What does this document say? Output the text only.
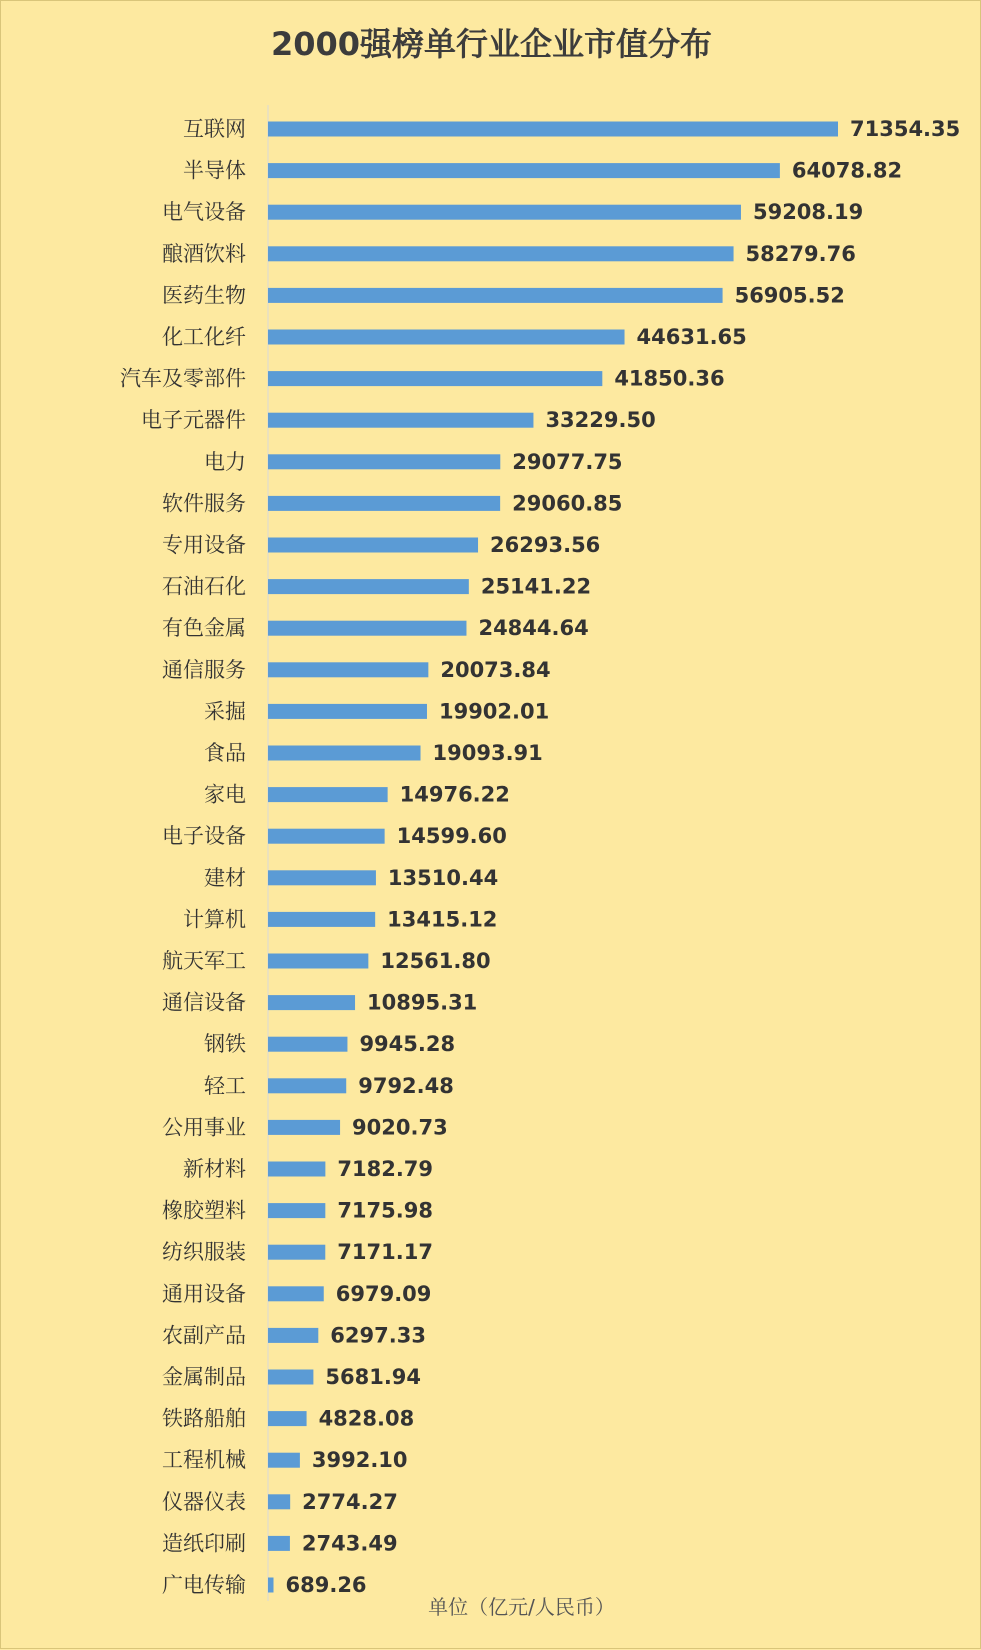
2000强榜单行业企业市值分布
互联网	71354.35
半导体	64078.82
电气设备	59208.19
酿酒饮料	58279.76
医药生物	56905.52
化工化纤	44631.65
汽车及零部件	41850.36
电子元器件	33229.50
电力	29077.75
软件服务	29060.85
专用设备	26293.56
石油石化	25141.22
有色金属	24844.64
通信服务	20073.84
采掘	19902.01
食品	19093.91
家电	14976.22
电子设备	14599.60
建材	13510.44
计算机	13415.12
航天军工	12561.80
通信设备	10895.31
钢铁	9945.28
轻工	9792.48
公用事业	9020.73
新材料	7182.79
橡胶塑料	7175.98
纺织服装	7171.17
通用设备	6979.09
农副产品	6297.33
金属制品	5681.94
铁路船舶	4828.08
工程机械	3992.10
仪器仪表	2774.27
造纸印刷	2743.49
广电传输 689.26
单位（亿元/人民币）
